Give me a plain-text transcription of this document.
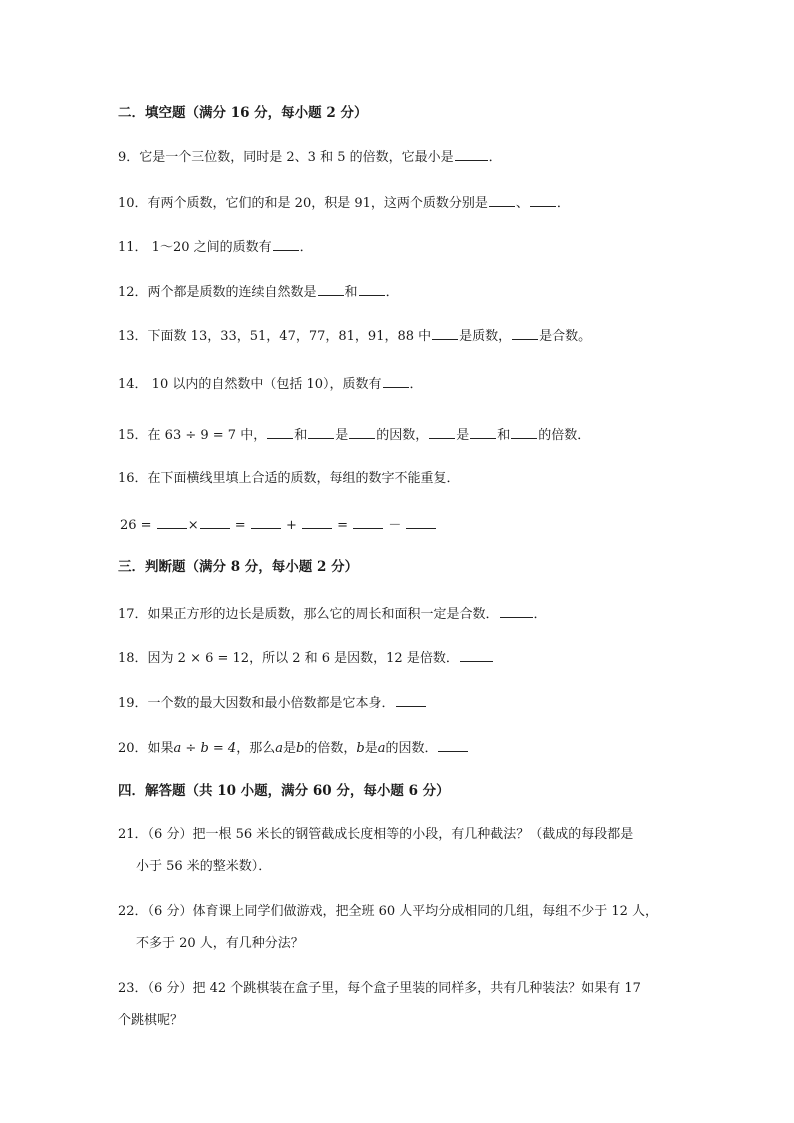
二．填空题（满分 16 分，每小题 2 分）
9．它是一个三位数，同时是 2、3 和 5 的倍数，它最小是	．
10．有两个质数，它们的和是 20，积是 91，这两个质数分别是 、 ．
11． 1～20 之间的质数有 ．
12．两个都是质数的连续自然数是 和 ．
13．下面数 13，33，51，47，77，81，91，88 中 是质数， 是合数。
14． 10 以内的自然数中（包括 10），质数有 ．
15．在 63 ÷ 9 = 7 中， 和 是 的因数， 是 和 的倍数．
16．在下面横线里填上合适的质数，每组的数字不能重复．
26 =	×	=	+	=	－
三．判断题（满分 8 分，每小题 2 分）
17．如果正方形的边长是质数，那么它的周长和面积一定是合数．	．
18．因为 2 × 6 = 12，所以 2 和 6 是因数，12 是倍数．
19．一个数的最大因数和最小倍数都是它本身．
20．如果a ÷ b = 4，那么a是b的倍数，b是a的因数．
四．解答题（共 10 小题，满分 60 分，每小题 6 分）
21．（6 分）把一根 56 米长的钢管截成长度相等的小段，有几种截法？（截成的每段都是
小于 56 米的整米数）．
22．（6 分）体育课上同学们做游戏，把全班 60 人平均分成相同的几组，每组不少于 12 人，
不多于 20 人，有几种分法？
23．（6 分）把 42 个跳棋装在盒子里，每个盒子里装的同样多，共有几种装法？如果有 17
个跳棋呢？
